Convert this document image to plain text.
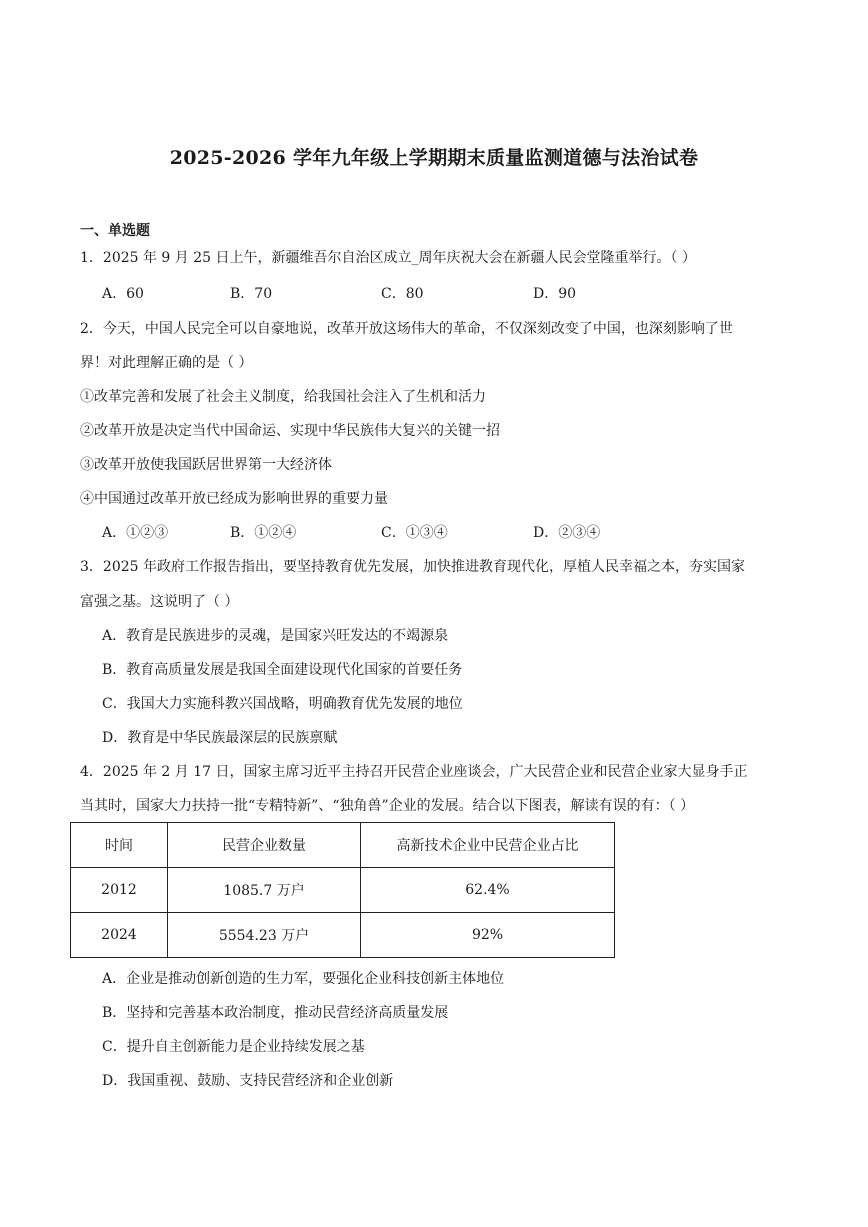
2025-2026 学年九年级上学期期末质量监测道德与法治试卷
一、单选题
1．2025 年 9 月 25 日上午，新疆维吾尔自治区成立_周年庆祝大会在新疆人民会堂隆重举行。（ ）
A．60	B．70	C．80	D．90
2．今天，中国人民完全可以自豪地说，改革开放这场伟大的革命，不仅深刻改变了中国，也深刻影响了世
界！对此理解正确的是（ ）
①改革完善和发展了社会主义制度，给我国社会注入了生机和活力
②改革开放是决定当代中国命运、实现中华民族伟大复兴的关键一招
③改革开放使我国跃居世界第一大经济体
④中国通过改革开放已经成为影响世界的重要力量
A．①②③	B．①②④	C．①③④	D．②③④
3．2025 年政府工作报告指出，要坚持教育优先发展，加快推进教育现代化，厚植人民幸福之本，夯实国家
富强之基。这说明了（ ）
A．教育是民族进步的灵魂，是国家兴旺发达的不竭源泉
B．教育高质量发展是我国全面建设现代化国家的首要任务
C．我国大力实施科教兴国战略，明确教育优先发展的地位
D．教育是中华民族最深层的民族禀赋
4．2025 年 2 月 17 日，国家主席习近平主持召开民营企业座谈会，广大民营企业和民营企业家大显身手正
当其时，国家大力扶持一批“专精特新”、“独角兽”企业的发展。结合以下图表，解读有误的有：（ ）
时间	民营企业数量	高新技术企业中民营企业占比
2012	1085.7 万户	62.4%
2024	5554.23 万户	92%
A．企业是推动创新创造的生力军，要强化企业科技创新主体地位
B．坚持和完善基本政治制度，推动民营经济高质量发展
C．提升自主创新能力是企业持续发展之基
D．我国重视、鼓励、支持民营经济和企业创新
